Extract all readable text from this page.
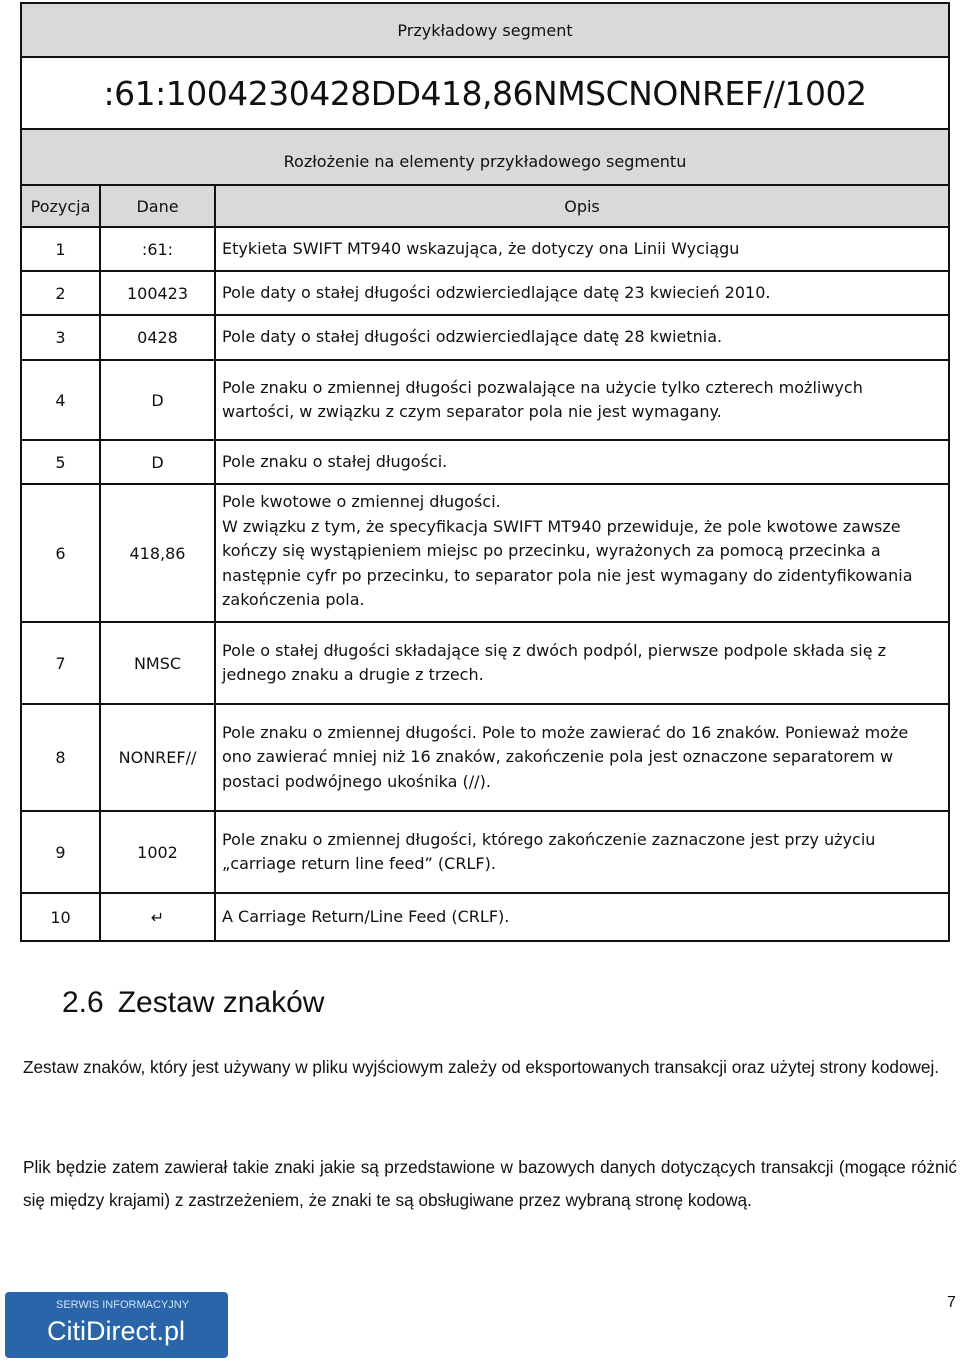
Przykładowy segment		
:61:1004230428DD418,86NMSCNONREF//1002		
Rozłożenie na elementy przykładowego segmentu		
Pozycja	Dane	Opis
1	:61:	Etykieta SWIFT MT940 wskazująca, że dotyczy ona Linii Wyciągu

2	100423	Pole daty o stałej długości odzwierciedlające datę 23 kwiecień 2010.

3	0428	Pole daty o stałej długości odzwierciedlające datę 28 kwietnia.

4	D	Pole znaku o zmiennej długości pozwalające na użycie tylko czterech możliwych
wartości, w związku z czym separator pola nie jest wymagany.

5	D	Pole znaku o stałej długości.

6	418,86	Pole kwotowe o zmiennej długości.
W związku z tym, że specyfikacja SWIFT MT940 przewiduje, że pole kwotowe zawsze
kończy się wystąpieniem miejsc po przecinku, wyrażonych za pomocą przecinka a
następnie cyfr po przecinku, to separator pola nie jest wymagany do zidentyfikowania
zakończenia pola.

7	NMSC	Pole o stałej długości składające się z dwóch podpól, pierwsze podpole składa się z
jednego znaku a drugie z trzech.

8	NONREF//	Pole znaku o zmiennej długości. Pole to może zawierać do 16 znaków. Ponieważ może
ono zawierać mniej niż 16 znaków, zakończenie pola jest oznaczone separatorem w
postaci podwójnego ukośnika (//).

9	1002	Pole znaku o zmiennej długości, którego zakończenie zaznaczone jest przy użyciu
„carriage return line feed” (CRLF).

10	↵	A Carriage Return/Line Feed (CRLF).
2.6 Zestaw znaków

Zestaw znaków, który jest używany w pliku wyjściowym zależy od eksportowanych transakcji oraz użytej strony kodowej.

Plik będzie zatem zawierał takie znaki jakie są przedstawione w bazowych danych dotyczących transakcji (mogące różnić się między krajami) z zastrzeżeniem, że znaki te są obsługiwane przez wybraną stronę kodową.

SERWIS INFORMACYJNY
CitiDirect.pl
7
